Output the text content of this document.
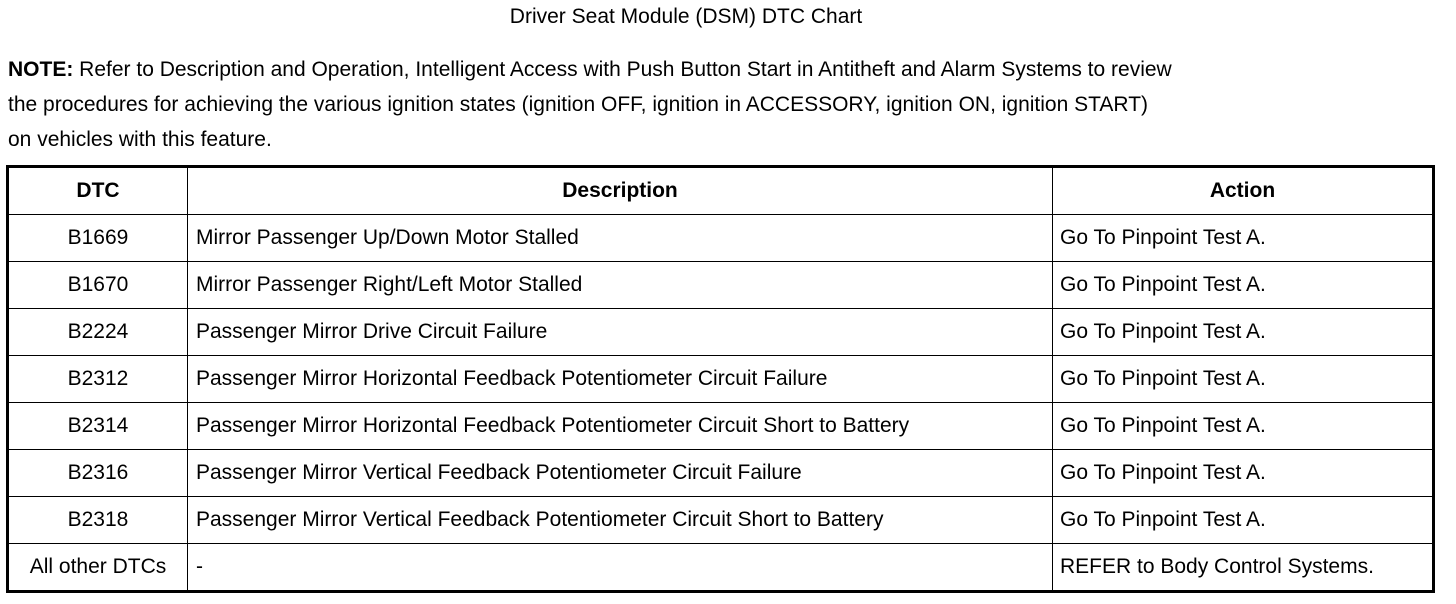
Driver Seat Module (DSM) DTC Chart
NOTE: Refer to Description and Operation, Intelligent Access with Push Button Start in Antitheft and Alarm Systems to review
the procedures for achieving the various ignition states (ignition OFF, ignition in ACCESSORY, ignition ON, ignition START)
on vehicles with this feature.
DTC	Description	Action
B1669	Mirror Passenger Up/Down Motor Stalled	Go To Pinpoint Test A.
B1670	Mirror Passenger Right/Left Motor Stalled	Go To Pinpoint Test A.
B2224	Passenger Mirror Drive Circuit Failure	Go To Pinpoint Test A.
B2312	Passenger Mirror Horizontal Feedback Potentiometer Circuit Failure	Go To Pinpoint Test A.
B2314	Passenger Mirror Horizontal Feedback Potentiometer Circuit Short to Battery	Go To Pinpoint Test A.
B2316	Passenger Mirror Vertical Feedback Potentiometer Circuit Failure	Go To Pinpoint Test A.
B2318	Passenger Mirror Vertical Feedback Potentiometer Circuit Short to Battery	Go To Pinpoint Test A.
All other DTCs	-	REFER to Body Control Systems.
